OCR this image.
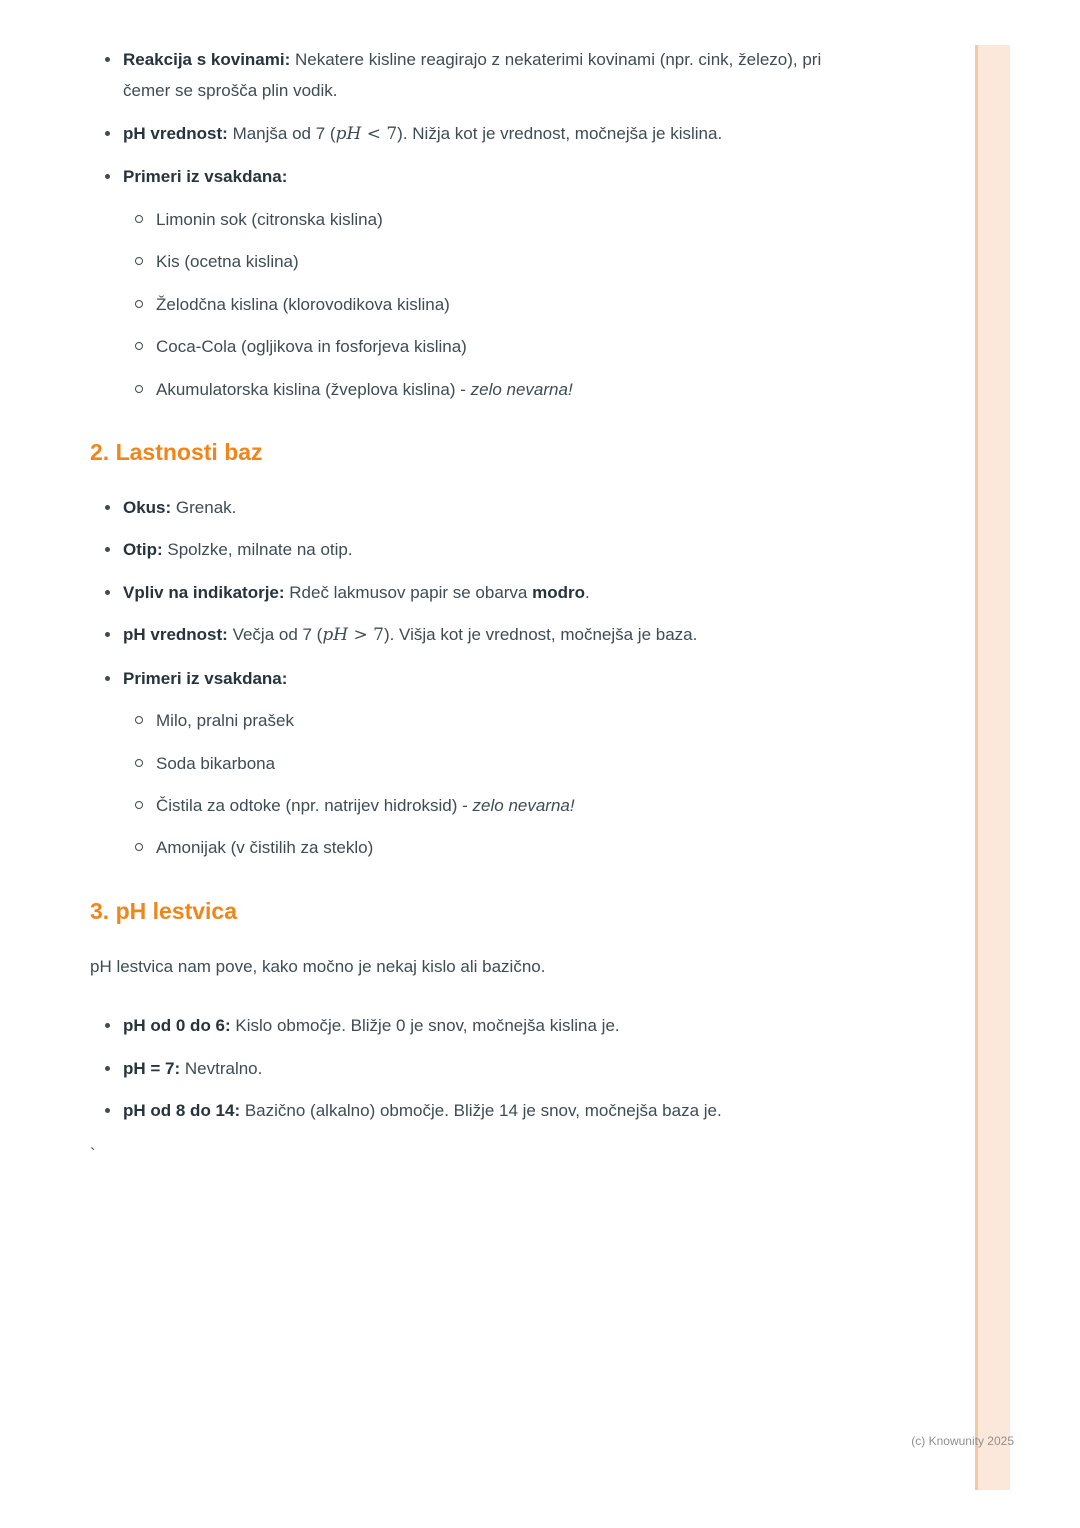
Reakcija s kovinami: Nekatere kisline reagirajo z nekaterimi kovinami (npr. cink, železo), pri čemer se sprošča plin vodik.
pH vrednost: Manjša od 7 (pH < 7). Nižja kot je vrednost, močnejša je kislina.
Primeri iz vsakdana:
Limonin sok (citronska kislina)
Kis (ocetna kislina)
Želodčna kislina (klorovodikova kislina)
Coca-Cola (ogljikova in fosforjeva kislina)
Akumulatorska kislina (žveplova kislina) - zelo nevarna!
2. Lastnosti baz
Okus: Grenak.
Otip: Spolzke, milnate na otip.
Vpliv na indikatorje: Rdeč lakmusov papir se obarva modro.
pH vrednost: Večja od 7 (pH > 7). Višja kot je vrednost, močnejša je baza.
Primeri iz vsakdana:
Milo, pralni prašek
Soda bikarbona
Čistila za odtoke (npr. natrijev hidroksid) - zelo nevarna!
Amonijak (v čistilih za steklo)
3. pH lestvica

pH lestvica nam pove, kako močno je nekaj kislo ali bazično.

pH od 0 do 6: Kislo območje. Bližje 0 je snov, močnejša kislina je.
pH = 7: Nevtralno.
pH od 8 do 14: Bazično (alkalno) območje. Bližje 14 je snov, močnejša baza je.

`

(c) Knowunity 2025
